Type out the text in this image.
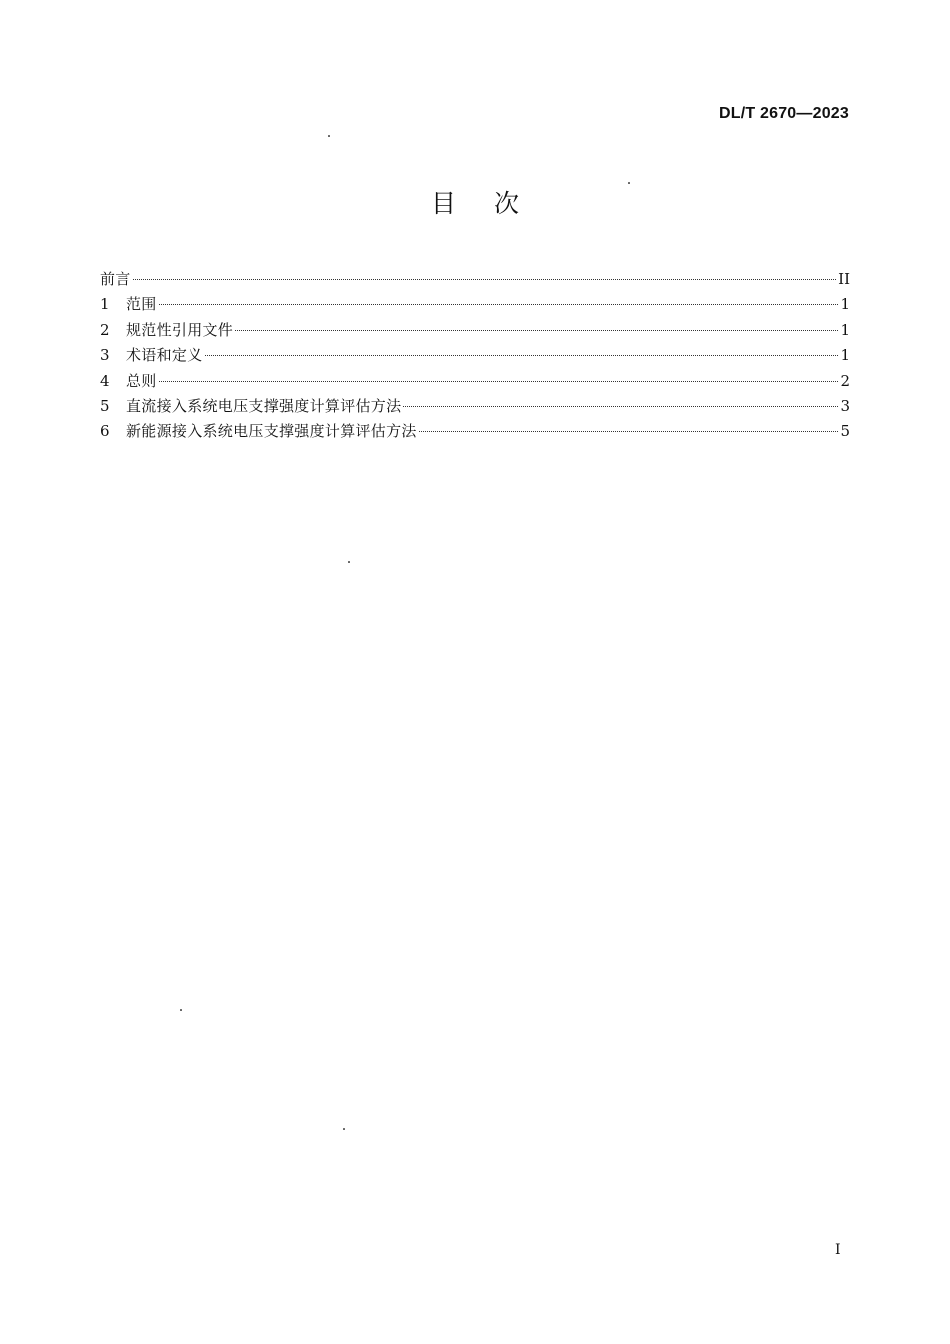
DL/T 2670—2023
目次
前言	II
1	范围	1
2	规范性引用文件	1
3	术语和定义	1
4	总则	2
5	直流接入系统电压支撑强度计算评估方法	3
6	新能源接入系统电压支撑强度计算评估方法	5
I
